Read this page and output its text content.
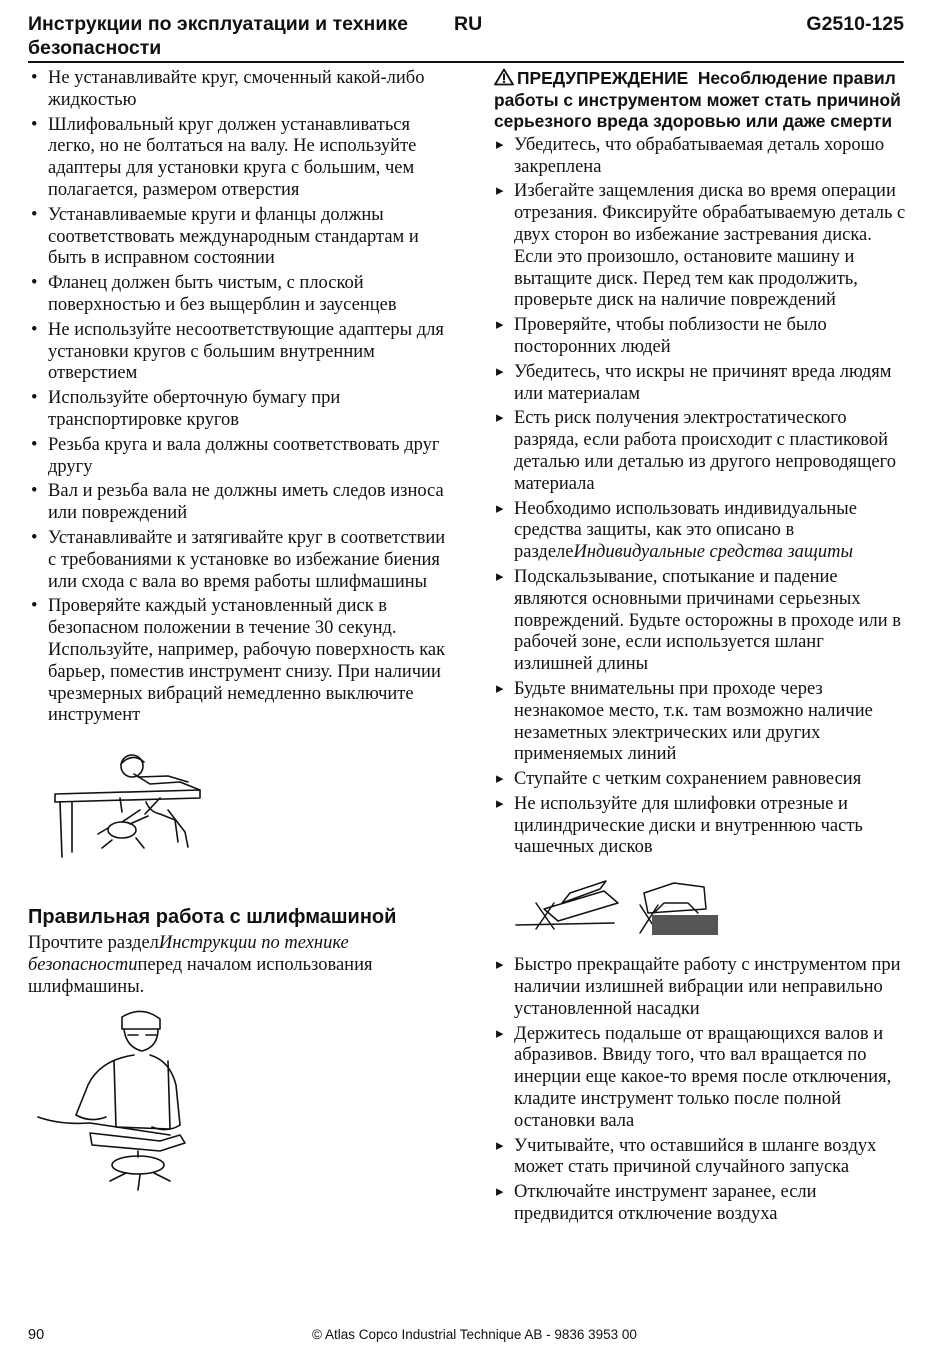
Инструкции по эксплуатации и технике безопасности
RU	G2510-125
• Не устанавливайте круг, смоченный какой-либо жидкостью
• Шлифовальный круг должен устанавливаться легко, но не болтаться на валу. Не используйте адаптеры для установки круга с большим, чем полагается, размером отверстия
• Устанавливаемые круги и фланцы должны соответствовать международным стандартам и быть в исправном состоянии
• Фланец должен быть чистым, с плоской поверхностью и без выщерблин и заусенцев
• Не используйте несоответствующие адаптеры для установки кругов с большим внутренним отверстием
• Используйте оберточную бумагу при транспортировке кругов
• Резьба круга и вала должны соответствовать друг другу
• Вал и резьба вала не должны иметь следов износа или повреждений
• Устанавливайте и затягивайте круг в соответствии с требованиями к установке во избежание биения или схода с вала во время работы шлифмашины
• Проверяйте каждый установленный диск в безопасном положении в течение 30 секунд. Используйте, например, рабочую поверхность как барьер, поместив инструмент снизу. При наличии чрезмерных вибраций немедленно выключите инструмент
Правильная работа с шлифмашиной

Прочтите разделИнструкции по технике безопасностиперед началом использования шлифмашины.

ПРЕДУПРЕЖДЕНИЕ Несоблюдение правил работы с инструментом может стать причиной серьезного вреда здоровью или даже смерти
▸ Убедитесь, что обрабатываемая деталь хорошо закреплена
▸ Избегайте защемления диска во время операции отрезания. Фиксируйте обрабатываемую деталь с двух сторон во избежание застревания диска. Если это произошло, остановите машину и вытащите диск. Перед тем как продолжить, проверьте диск на наличие повреждений
▸ Проверяйте, чтобы поблизости не было посторонних людей
▸ Убедитесь, что искры не причинят вреда людям или материалам
▸ Есть риск получения электростатического разряда, если работа происходит с пластиковой деталью или деталью из другого непроводящего материала
▸ Необходимо использовать индивидуальные средства защиты, как это описано в разделеИндивидуальные средства защиты
▸ Подскальзывание, спотыкание и падение являются основными причинами серьезных повреждений. Будьте осторожны в проходе или в рабочей зоне, если используется шланг излишней длины
▸ Будьте внимательны при проходе через незнакомое место, т.к. там возможно наличие незаметных электрических или других применяемых линий
▸ Ступайте с четким сохранением равновесия
▸ Не используйте для шлифовки отрезные и цилиндрические диски и внутреннюю часть чашечных дисков
▸ Быстро прекращайте работу с инструментом при наличии излишней вибрации или неправильно установленной насадки
▸ Держитесь подальше от вращающихся валов и абразивов. Ввиду того, что вал вращается по инерции еще какое-то время после отключения, кладите инструмент только после полной остановки вала
▸ Учитывайте, что оставшийся в шланге воздух может стать причиной случайного запуска
▸ Отключайте инструмент заранее, если предвидится отключение воздуха
90	© Atlas Copco Industrial Technique AB - 9836 3953 00
